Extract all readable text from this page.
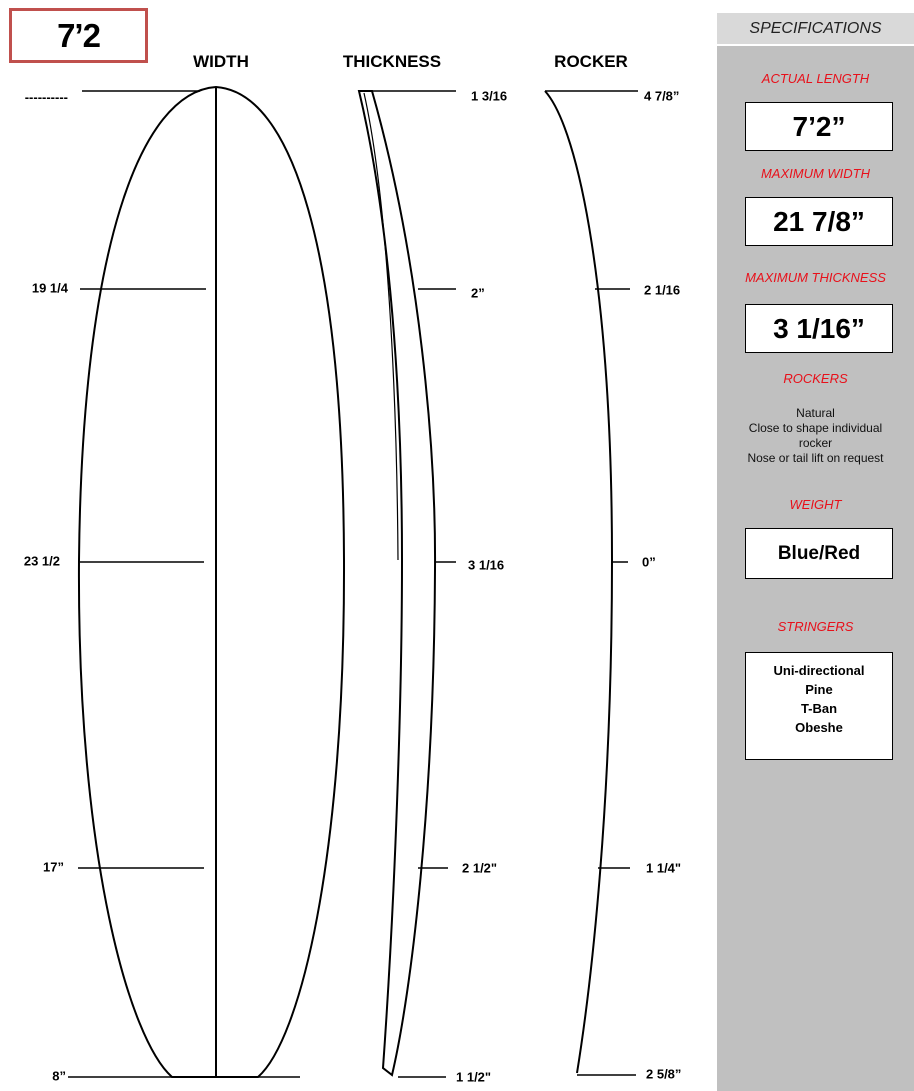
7’2
WIDTH	THICKNESS	ROCKER
----------
19 1/4
23 1/2
17”
8”
1 3/16
2”
3 1/16
2 1/2"
1 1/2"
4 7/8”
2 1/16
0”
1 1/4"
2 5/8”
SPECIFICATIONS
ACTUAL LENGTH
7’2”
MAXIMUM WIDTH
21 7/8”
MAXIMUM THICKNESS
3 1/16”
ROCKERS
Natural
Close to shape individual
rocker
Nose or tail lift on request
WEIGHT
Blue/Red
STRINGERS
Uni-directional
Pine
T-Ban
Obeshe
